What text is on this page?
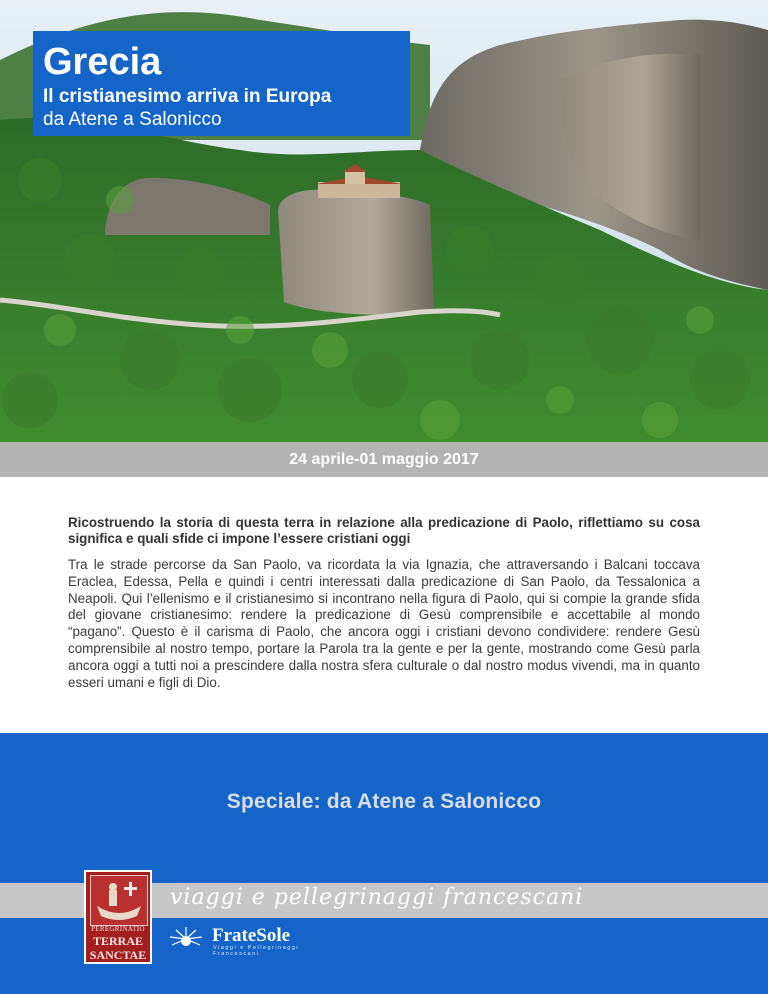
Grecia
Il cristianesimo arriva in Europa
da Atene a Salonicco
24 aprile-01 maggio 2017
Ricostruendo la storia di questa terra in relazione alla predicazione di Paolo, riflettiamo su cosa significa e quali sfide ci impone l’essere cristiani oggi
Tra le strade percorse da San Paolo, va ricordata la via Ignazia, che attraversando i Balcani toccava Eraclea, Edessa, Pella e quindi i centri interessati dalla predicazione di San Paolo, da Tessalonica a Neapoli. Qui l’ellenismo e il cristianesimo si incontrano nella figura di Paolo, qui si compie la grande sfida del giovane cristianesimo: rendere la predicazione di Gesù comprensibile e accettabile al mondo “pagano”. Questo è il carisma di Paolo, che ancora oggi i cristiani devono condividere: rendere Gesù comprensibile al nostro tempo, portare la Parola tra la gente e per la gente, mostrando come Gesù parla ancora oggi a tutti noi a prescindere dalla nostra sfera culturale o dal nostro modus vivendi, ma in quanto esseri umani e figli di Dio.
Speciale: da Atene a Salonicco
viaggi e pellegrinaggi francescani
PEREGRINATIO
TERRAE
SANCTAE
FrateSole
Viaggi e Pellegrinaggi Francescani
